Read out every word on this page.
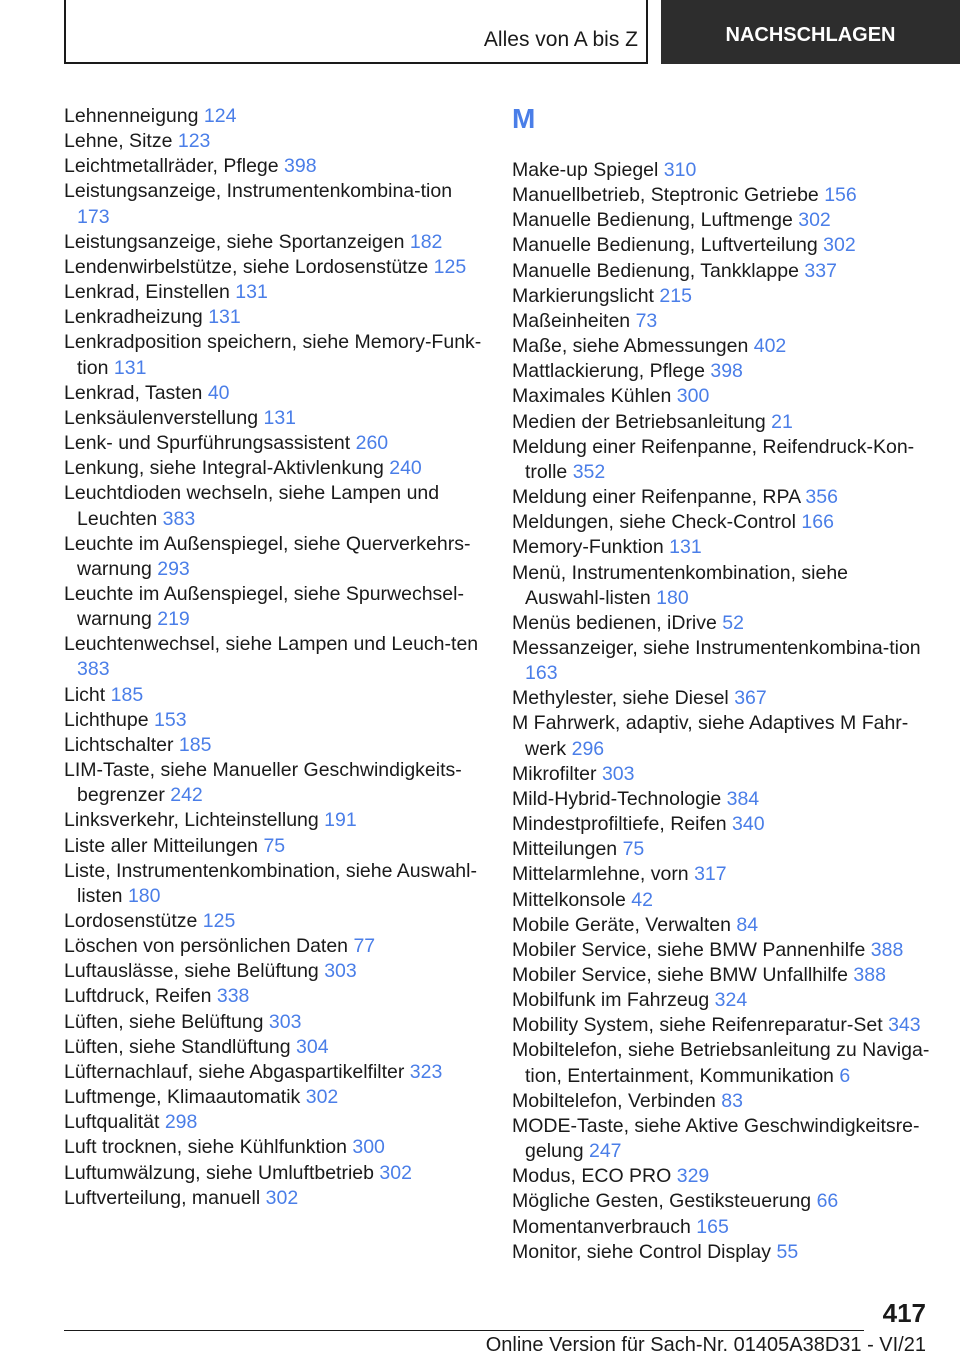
Alles von A bis Z	NACHSCHLAGEN

Lehnenneigung 124

Lehne, Sitze 123

Leichtmetallräder, Pflege 398

Leistungsanzeige, Instrumentenkombina-tion 173

Leistungsanzeige, siehe Sportanzeigen 182

Lendenwirbelstütze, siehe Lordosenstütze 125

Lenkrad, Einstellen 131

Lenkradheizung 131

Lenkradposition speichern, siehe Memory-Funk-tion 131

Lenkrad, Tasten 40

Lenksäulenverstellung 131

Lenk- und Spurführungsassistent 260

Lenkung, siehe Integral-Aktivlenkung 240

Leuchtdioden wechseln, siehe Lampen und Leuchten 383

Leuchte im Außenspiegel, siehe Querverkehrs-warnung 293

Leuchte im Außenspiegel, siehe Spurwechsel-warnung 219

Leuchtenwechsel, siehe Lampen und Leuch-ten 383

Licht 185

Lichthupe 153

Lichtschalter 185

LIM-Taste, siehe Manueller Geschwindigkeits-begrenzer 242

Linksverkehr, Lichteinstellung 191

Liste aller Mitteilungen 75

Liste, Instrumentenkombination, siehe Auswahl-listen 180

Lordosenstütze 125

Löschen von persönlichen Daten 77

Luftauslässe, siehe Belüftung 303

Luftdruck, Reifen 338

Lüften, siehe Belüftung 303

Lüften, siehe Standlüftung 304

Lüfternachlauf, siehe Abgaspartikelfilter 323

Luftmenge, Klimaautomatik 302

Luftqualität 298

Luft trocknen, siehe Kühlfunktion 300

Luftumwälzung, siehe Umluftbetrieb 302

Luftverteilung, manuell 302

M

Make-up Spiegel 310

Manuellbetrieb, Steptronic Getriebe 156

Manuelle Bedienung, Luftmenge 302

Manuelle Bedienung, Luftverteilung 302

Manuelle Bedienung, Tankklappe 337

Markierungslicht 215

Maßeinheiten 73

Maße, siehe Abmessungen 402

Mattlackierung, Pflege 398

Maximales Kühlen 300

Medien der Betriebsanleitung 21

Meldung einer Reifenpanne, Reifendruck-Kon-trolle 352

Meldung einer Reifenpanne, RPA 356

Meldungen, siehe Check-Control 166

Memory-Funktion 131

Menü, Instrumentenkombination, siehe Auswahl-listen 180

Menüs bedienen, iDrive 52

Messanzeiger, siehe Instrumentenkombina-tion 163

Methylester, siehe Diesel 367

M Fahrwerk, adaptiv, siehe Adaptives M Fahr-werk 296

Mikrofilter 303

Mild-Hybrid-Technologie 384

Mindestprofiltiefe, Reifen 340

Mitteilungen 75

Mittelarmlehne, vorn 317

Mittelkonsole 42

Mobile Geräte, Verwalten 84

Mobiler Service, siehe BMW Pannenhilfe 388

Mobiler Service, siehe BMW Unfallhilfe 388

Mobilfunk im Fahrzeug 324

Mobility System, siehe Reifenreparatur-Set 343

Mobiltelefon, siehe Betriebsanleitung zu Naviga-tion, Entertainment, Kommunikation 6

Mobiltelefon, Verbinden 83

MODE-Taste, siehe Aktive Geschwindigkeitsre-gelung 247

Modus, ECO PRO 329

Mögliche Gesten, Gestiksteuerung 66

Momentanverbrauch 165

Monitor, siehe Control Display 55

417
Online Version für Sach-Nr. 01405A38D31 - VI/21
